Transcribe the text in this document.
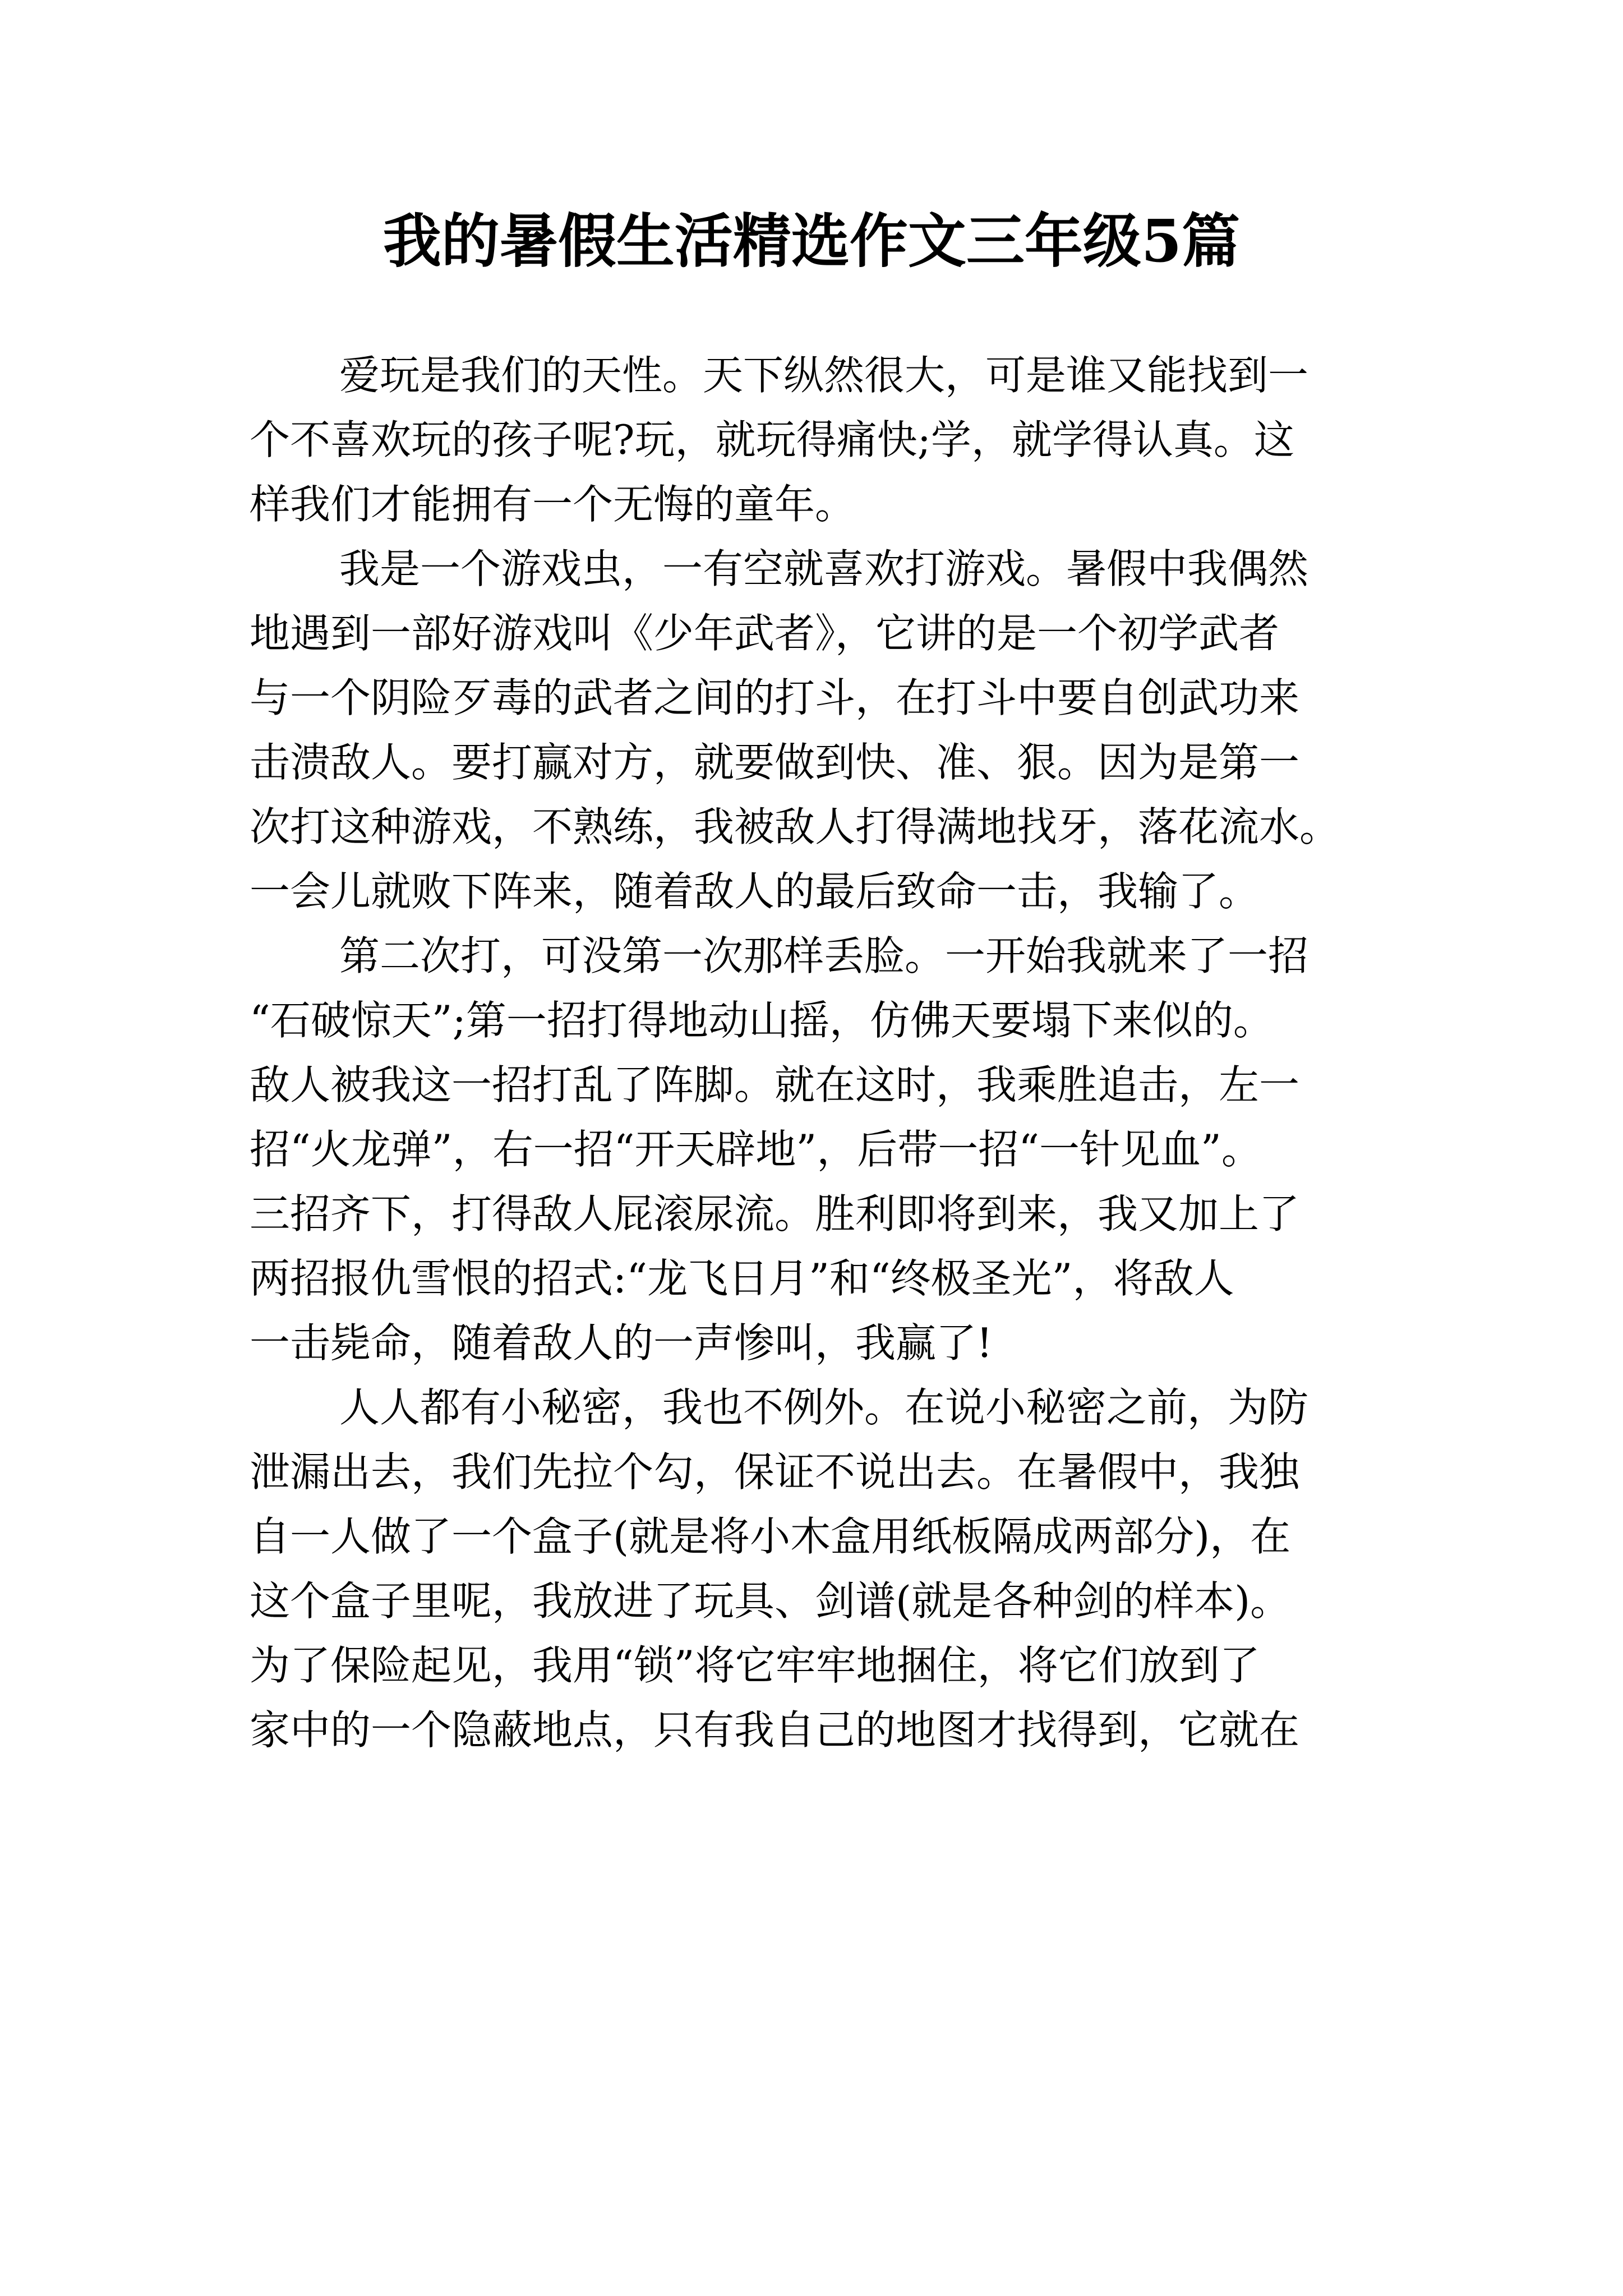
我的暑假生活精选作文三年级5篇
爱玩是我们的天性。天下纵然很大，可是谁又能找到一
个不喜欢玩的孩子呢?玩，就玩得痛快;学，就学得认真。这
样我们才能拥有一个无悔的童年。
我是一个游戏虫，一有空就喜欢打游戏。暑假中我偶然
地遇到一部好游戏叫《少年武者》，它讲的是一个初学武者
与一个阴险歹毒的武者之间的打斗，在打斗中要自创武功来
击溃敌人。要打赢对方，就要做到快、准、狠。因为是第一
次打这种游戏，不熟练，我被敌人打得满地找牙，落花流水。
一会儿就败下阵来，随着敌人的最后致命一击，我输了。
第二次打，可没第一次那样丢脸。一开始我就来了一招
“石破惊天”;第一招打得地动山摇，仿佛天要塌下来似的。
敌人被我这一招打乱了阵脚。就在这时，我乘胜追击，左一
招“火龙弹”，右一招“开天辟地”，后带一招“一针见血”。
三招齐下，打得敌人屁滚尿流。胜利即将到来，我又加上了
两招报仇雪恨的招式:“龙飞日月”和“终极圣光”，将敌人
一击毙命，随着敌人的一声惨叫，我赢了!
人人都有小秘密，我也不例外。在说小秘密之前，为防
泄漏出去，我们先拉个勾，保证不说出去。在暑假中，我独
自一人做了一个盒子(就是将小木盒用纸板隔成两部分)，在
这个盒子里呢，我放进了玩具、剑谱(就是各种剑的样本)。
为了保险起见，我用“锁”将它牢牢地捆住，将它们放到了
家中的一个隐蔽地点，只有我自己的地图才找得到，它就在
